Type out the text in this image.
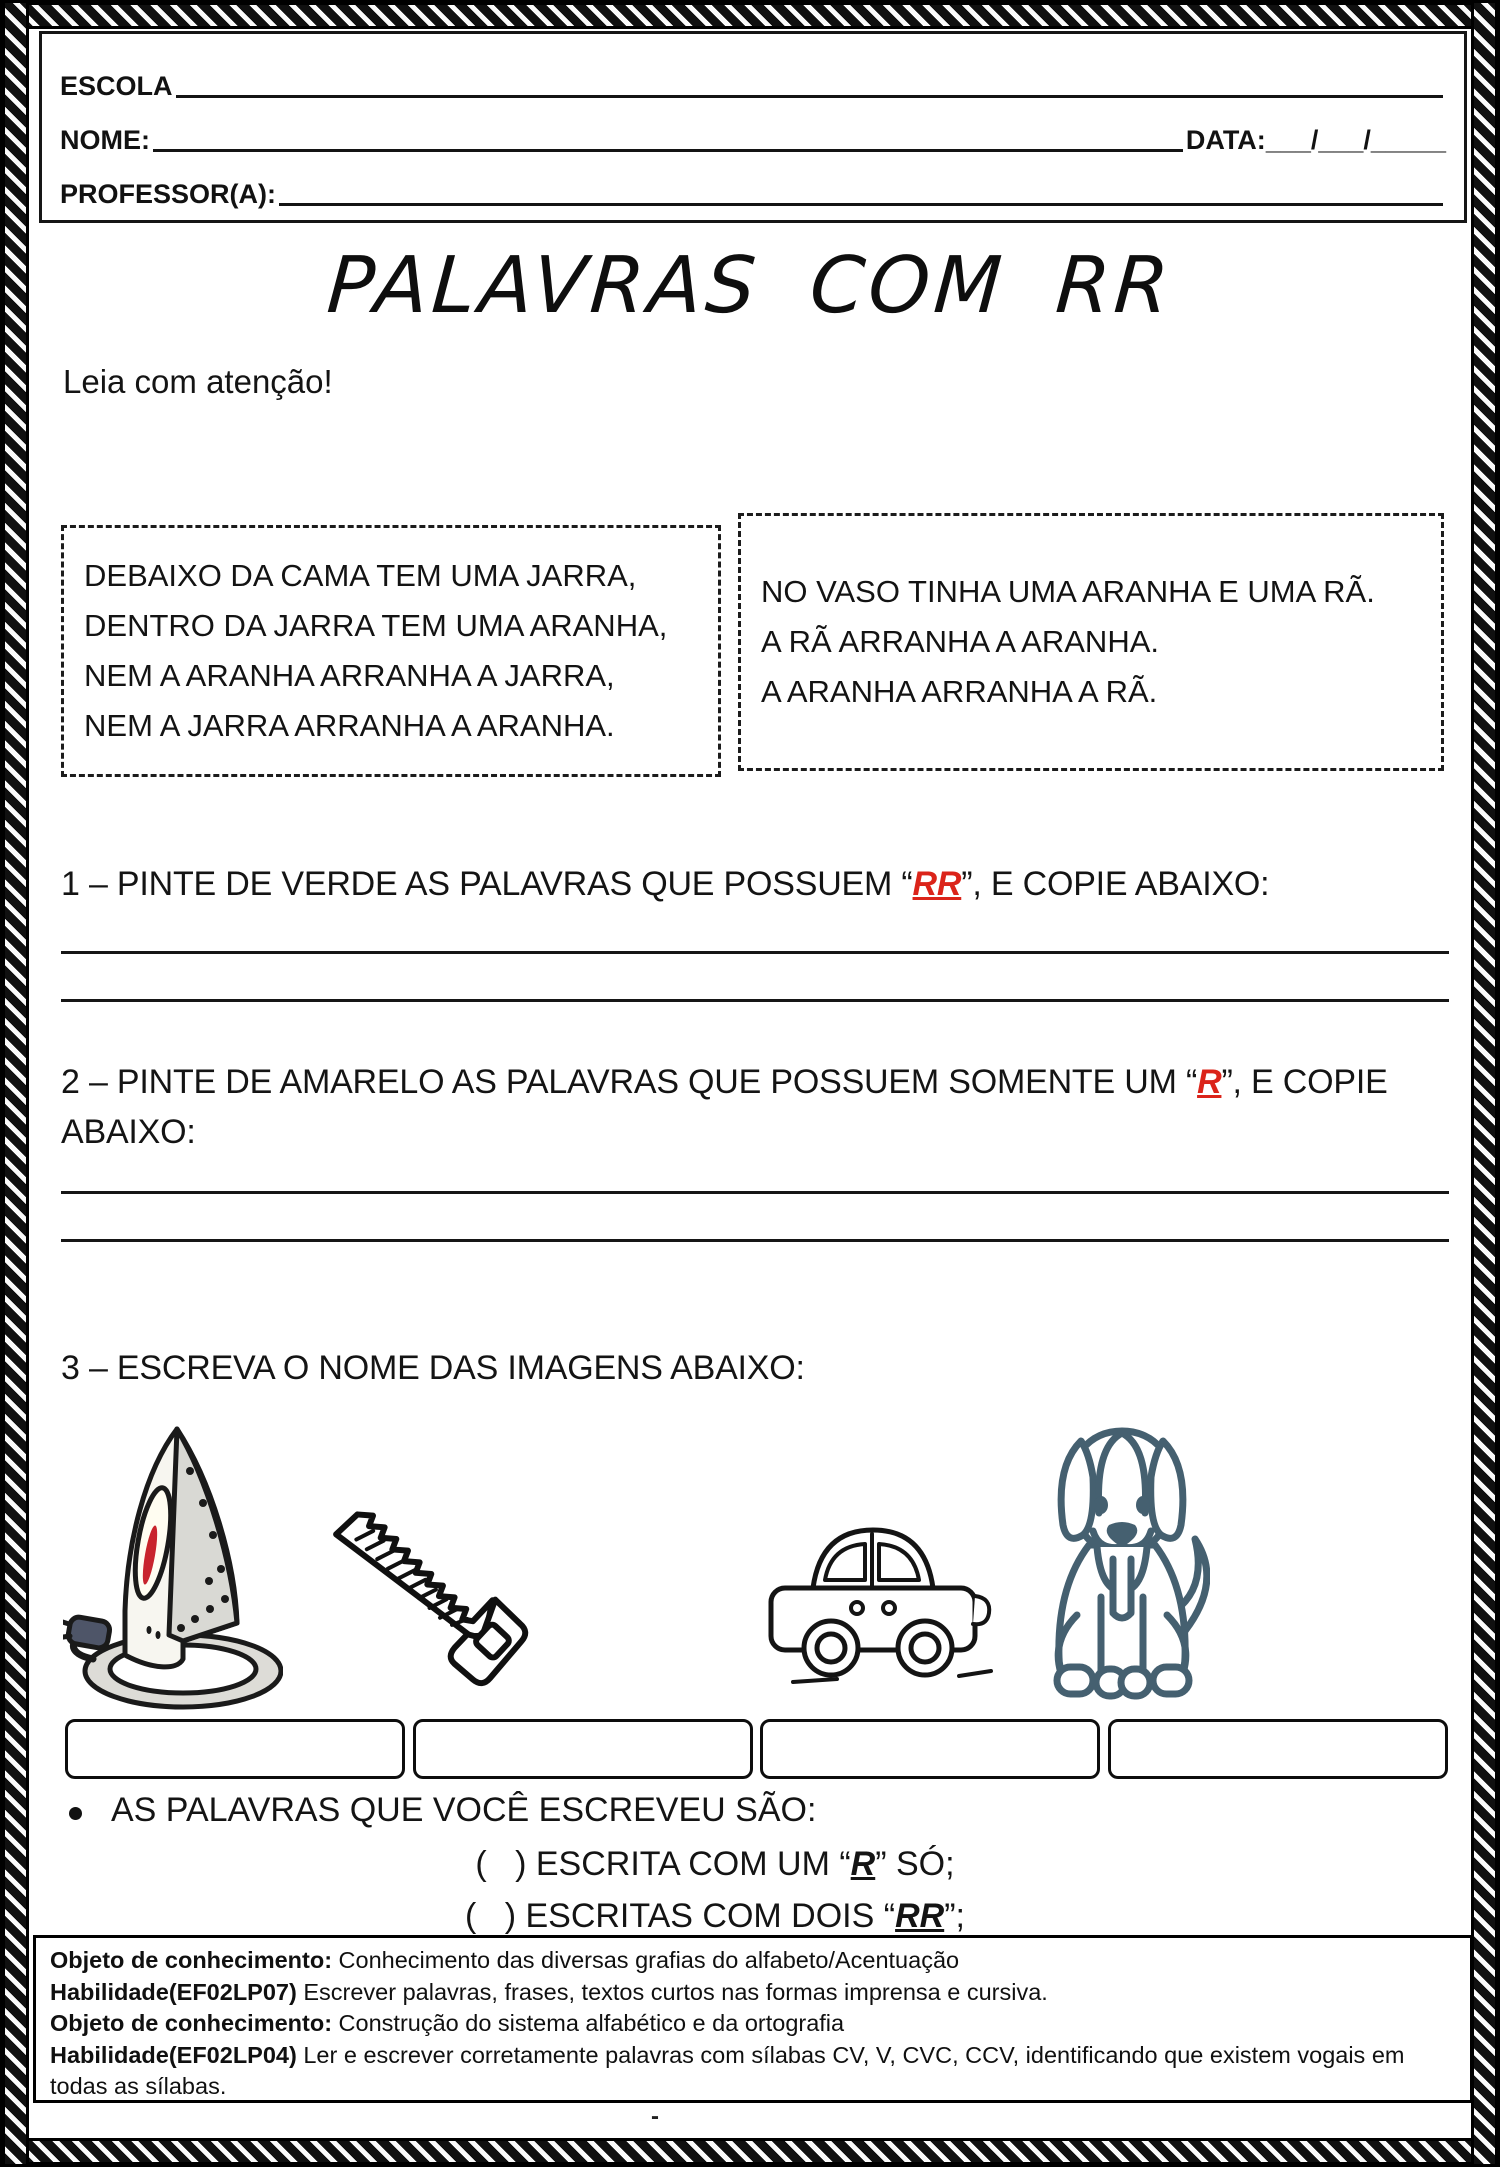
ESCOLA
NOME:	DATA: ___/___/_____
PROFESSOR(A):
PALAVRAS COM RR
Leia com atenção!
DEBAIXO DA CAMA TEM UMA JARRA,
DENTRO DA JARRA TEM UMA ARANHA,
NEM A ARANHA ARRANHA A JARRA,
NEM A JARRA ARRANHA A ARANHA.
NO VASO TINHA UMA ARANHA E UMA RÃ.
A RÃ ARRANHA A ARANHA.
A ARANHA ARRANHA A RÃ.
1 – PINTE DE VERDE AS PALAVRAS QUE POSSUEM “RR”, E COPIE ABAIXO:
2 – PINTE DE AMARELO AS PALAVRAS QUE POSSUEM SOMENTE UM “R”, E COPIE
ABAIXO:
3 – ESCREVA O NOME DAS IMAGENS ABAIXO:
AS PALAVRAS QUE VOCÊ ESCREVEU SÃO:
(   ) ESCRITA COM UM “R” SÓ;
(   ) ESCRITAS COM DOIS “RR”;
Objeto de conhecimento: Conhecimento das diversas grafias do alfabeto/Acentuação
Habilidade(EF02LP07) Escrever palavras, frases, textos curtos nas formas imprensa e cursiva.
Objeto de conhecimento: Construção do sistema alfabético e da ortografia
Habilidade(EF02LP04) Ler e escrever corretamente palavras com sílabas CV, V, CVC, CCV, identificando que existem vogais em todas as sílabas.
-
